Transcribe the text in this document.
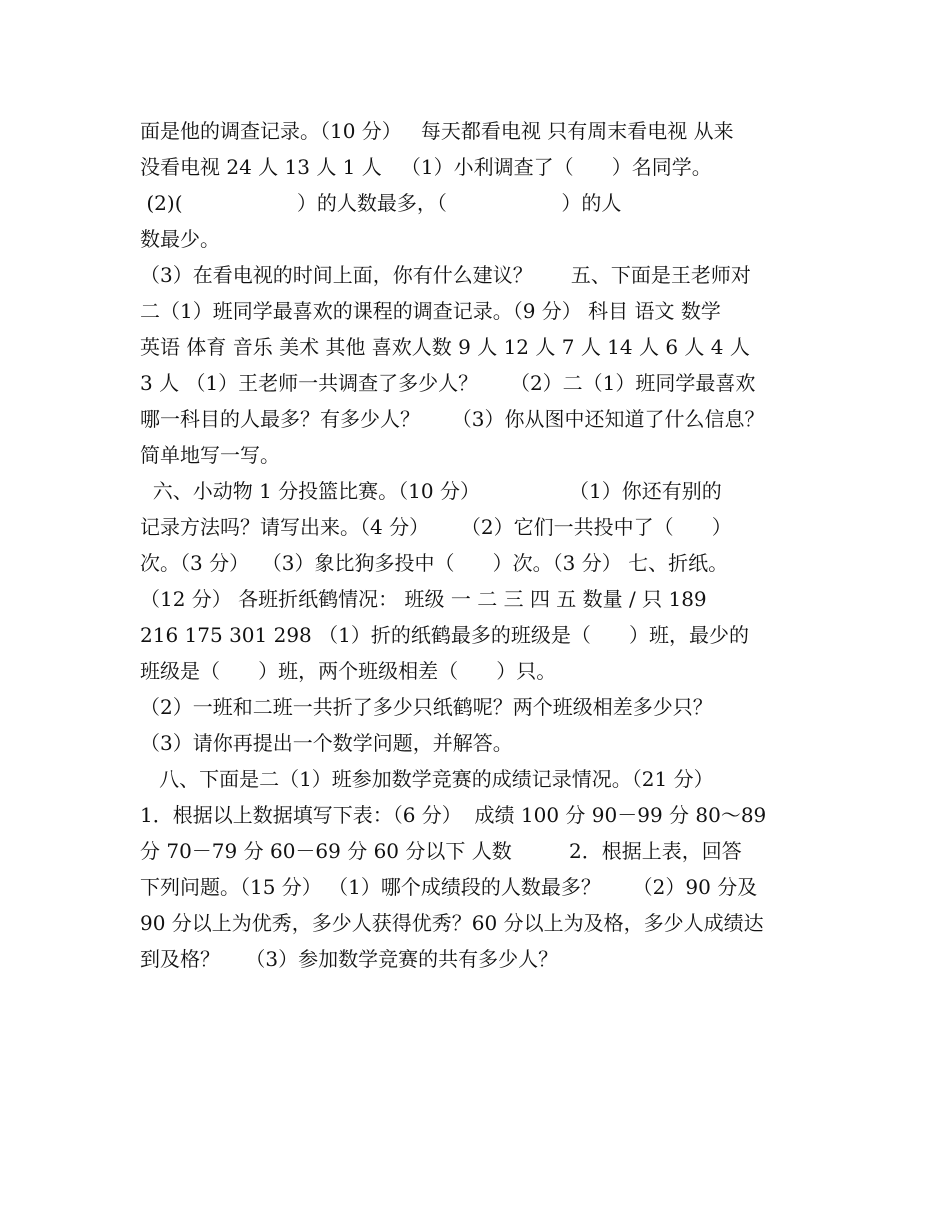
面是他的调查记录。（10 分）   每天都看电视 只有周末看电视 从来
没看电视 24 人 13 人 1 人   （1）小利调查了（      ）名同学。
(2)(                  ）的人数最多，（                  ）的人
数最少。
（3）在看电视的时间上面，你有什么建议？      五、下面是王老师对
二（1）班同学最喜欢的课程的调查记录。（9 分） 科目 语文 数学
英语 体育 音乐 美术 其他 喜欢人数 9 人 12 人 7 人 14 人 6 人 4 人
3 人 （1）王老师一共调查了多少人？     （2）二（1）班同学最喜欢
哪一科目的人最多？有多少人？     （3）你从图中还知道了什么信息？
简单地写一写。
六、小动物 1 分投篮比赛。（10 分）              （1）你还有别的
记录方法吗？请写出来。（4 分）     （2）它们一共投中了（      ）
次。（3 分）  （3）象比狗多投中（      ）次。（3 分） 七、折纸。
（12 分） 各班折纸鹤情况： 班级 一 二 三 四 五 数量 / 只 189
216 175 301 298 （1）折的纸鹤最多的班级是（      ）班，最少的
班级是（      ）班，两个班级相差（      ）只。
（2）一班和二班一共折了多少只纸鹤呢？两个班级相差多少只？
（3）请你再提出一个数学问题，并解答。
八、下面是二（1）班参加数学竞赛的成绩记录情况。（21 分）
1．根据以上数据填写下表：（6 分）  成绩 100 分 90－99 分 80～89
分 70－79 分 60－69 分 60 分以下 人数         2．根据上表，回答
下列问题。（15 分） （1）哪个成绩段的人数最多？     （2）90 分及
90 分以上为优秀，多少人获得优秀？60 分以上为及格，多少人成绩达
到及格？    （3）参加数学竞赛的共有多少人？
